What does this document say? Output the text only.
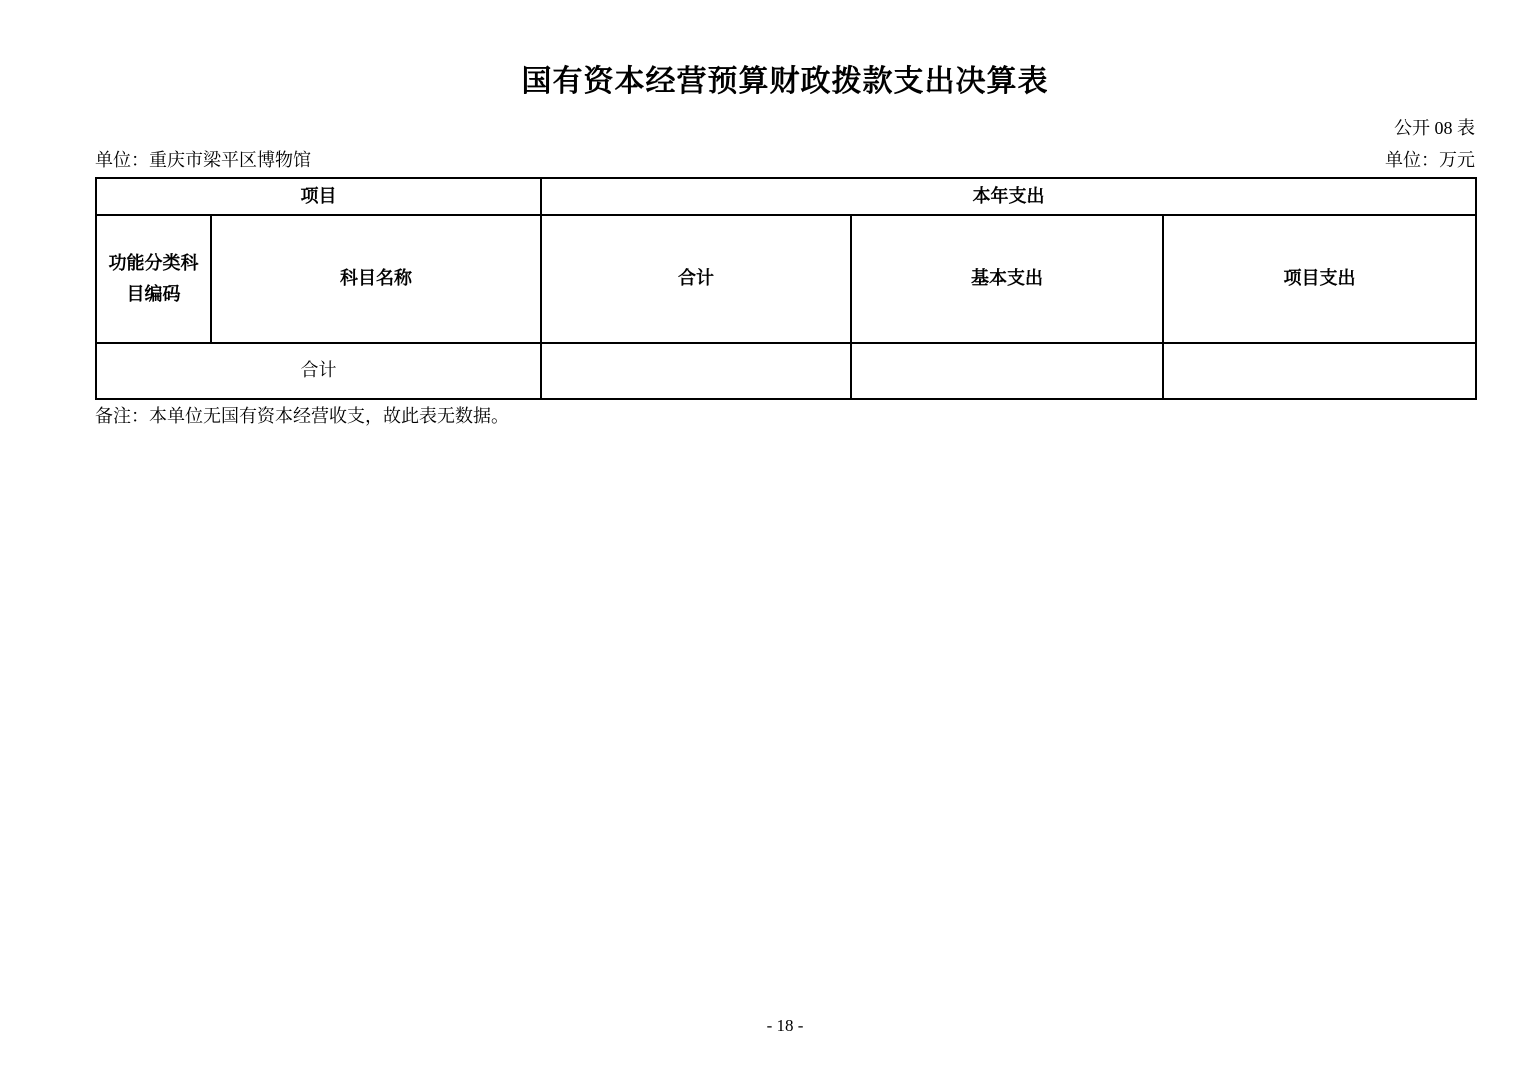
国有资本经营预算财政拨款支出决算表
公开 08 表
单位：重庆市梁平区博物馆	单位：万元
项目		本年支出		
功能分类科目编码	科目名称	合计	基本支出	项目支出
合计				
备注：本单位无国有资本经营收支，故此表无数据。
- 18 -
